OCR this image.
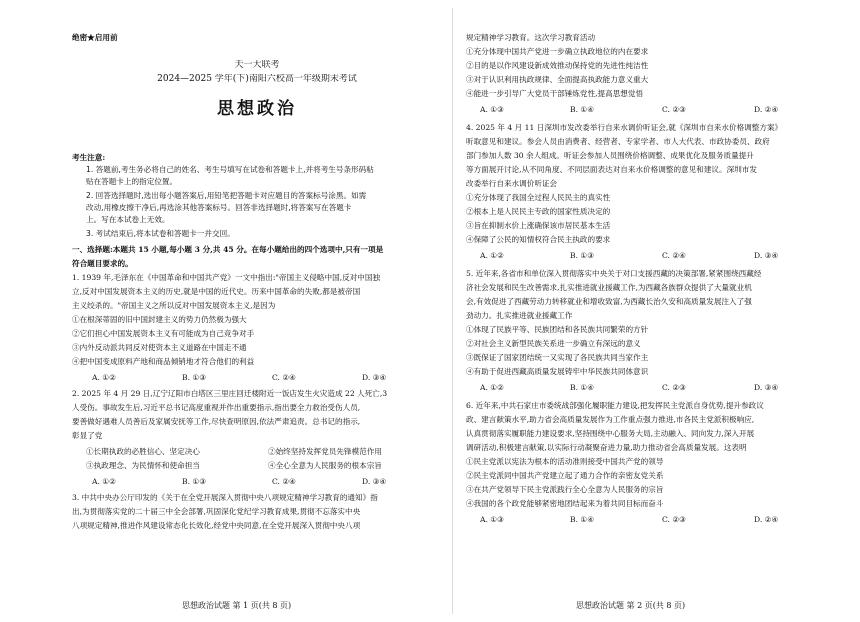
绝密★启用前
天一大联考
2024—2025 学年(下)南阳六校高一年级期末考试
思想政治
考生注意:
1. 答题前,考生务必将自己的姓名、考生号填写在试卷和答题卡上,并将考生号条形码粘
贴在答题卡上的指定位置。
2. 回答选择题时,选出每小题答案后,用铅笔把答题卡对应题目的答案标号涂黑。如需
改动,用橡皮擦干净后,再选涂其他答案标号。回答非选择题时,将答案写在答题卡
上。写在本试卷上无效。
3. 考试结束后,将本试卷和答题卡一并交回。
一、选择题:本题共 15 小题,每小题 3 分,共 45 分。在每小题给出的四个选项中,只有一项是
符合题目要求的。
1. 1939 年,毛泽东在《中国革命和中国共产党》一文中指出:"帝国主义侵略中国,反对中国独
立,反对中国发展资本主义的历史,就是中国的近代史。历来中国革命的失败,都是被帝国
主义绞杀的。"帝国主义之所以反对中国发展资本主义,是因为
①在根深蒂固的旧中国封建主义的势力仍然极为强大
②它们担心中国发展资本主义有可能成为自己竞争对手
③内外反动派共同反对使资本主义道路在中国走不通
④把中国变成原料产地和商品倾销地才符合他们的利益
A. ①②	B. ①③	C. ②④	D. ③④
2. 2025 年 4 月 29 日,辽宁辽阳市白塔区三里庄回迁楼附近一饭店发生火灾造成 22 人死亡,3
人受伤。事故发生后,习近平总书记高度重视并作出重要指示,指出要全力救治受伤人员,
要善做好遇难人员善后及家属安抚等工作,尽快查明原因,依法严肃追责。总书记的指示,
彰显了党
①长期执政的必胜信心、坚定决心	②始终坚持发挥党员先锋模范作用
③执政理念、为民情怀和使命担当	④全心全意为人民服务的根本宗旨
A. ①②	B. ①③	C. ②④	D. ③④
3. 中共中央办公厅印发的《关于在全党开展深入贯彻中央八项规定精神学习教育的通知》指
出,为贯彻落实党的二十届三中全会部署,巩固深化党纪学习教育成果,贯彻不忘落实中央
八项规定精神,推进作风建设常态化长效化,经党中央同意,在全党开展深入贯彻中央八项
思想政治试题 第 1 页(共 8 页)
规定精神学习教育。这次学习教育活动
①充分体现中国共产党进一步确立执政地位的内在要求
②目的是以作风建设新成效推动保持党的先进性纯洁性
③对于认识利用执政规律、全面提高执政能力意义重大
④能进一步引导广大党员干部锤炼党性,提高思想觉悟
A. ①③	B. ①④	C. ②③	D. ②④
4. 2025 年 4 月 11 日深圳市发改委举行自来水调价听证会,就《深圳市自来水价格调整方案》
听取意见和建议。参会人员由消费者、经营者、专家学者、市人大代表、市政协委员、政府
部门参加人数 30 余人组成。听证会参加人员围绕价格调整、成果优化及服务质量提升
等方面展开讨论,从不同角度、不同层面表达对自来水价格调整的意见和建议。深圳市发
改委举行自来水调价听证会
①充分体现了我国全过程人民民主的真实性
②根本上是人民民主专政的国家性质决定的
③旨在抑制水价上涨确保该市居民基本生活
④保障了公民的知情权符合民主执政的要求
A. ①②	B. ①③	C. ②④	D. ③④
5. 近年来,各省市和单位深入贯彻落实中央关于对口支援西藏的决策部署,紧紧围绕西藏经
济社会发展和民生改善需求,扎实推进就业援藏工作,为西藏各族群众提供了大量就业机
会,有效促进了西藏劳动力转移就业和增收致富,为西藏长治久安和高质量发展注入了强
劲动力。扎实推进就业援藏工作
①体现了民族平等、民族团结和各民族共同繁荣的方针
②对社会主义新型民族关系进一步确立有深远的意义
③既保证了国家团结统一又实现了各民族共同当家作主
④有助于促进西藏高质量发展铸牢中华民族共同体意识
A. ①②	B. ①④	C. ②③	D. ③④
6. 近年来,中共石家庄市委统战部强化履职能力建设,把发挥民主党派自身优势,提升参政议
政、建言献策水平,助力省会高质量发展作为工作重点强力推进,市各民主党派积极响应,
认真贯彻落实履职能力建设要求,坚持围绕中心服务大局,主动融入、同向发力,深入开展
调研活动,积极建言献策,以实际行动凝聚奋进力量,助力推动省会高质量发展。这表明
①民主党派以宪法为根本的活动准则接受中国共产党的领导
②民主党派同中国共产党建立起了通力合作的亲密友党关系
③在共产党领导下民主党派践行全心全意为人民服务的宗旨
④我国的各个政党能够紧密地团结起来为着共同目标而奋斗
A. ①③	B. ①④	C. ②③	D. ②④
思想政治试题 第 2 页(共 8 页)
